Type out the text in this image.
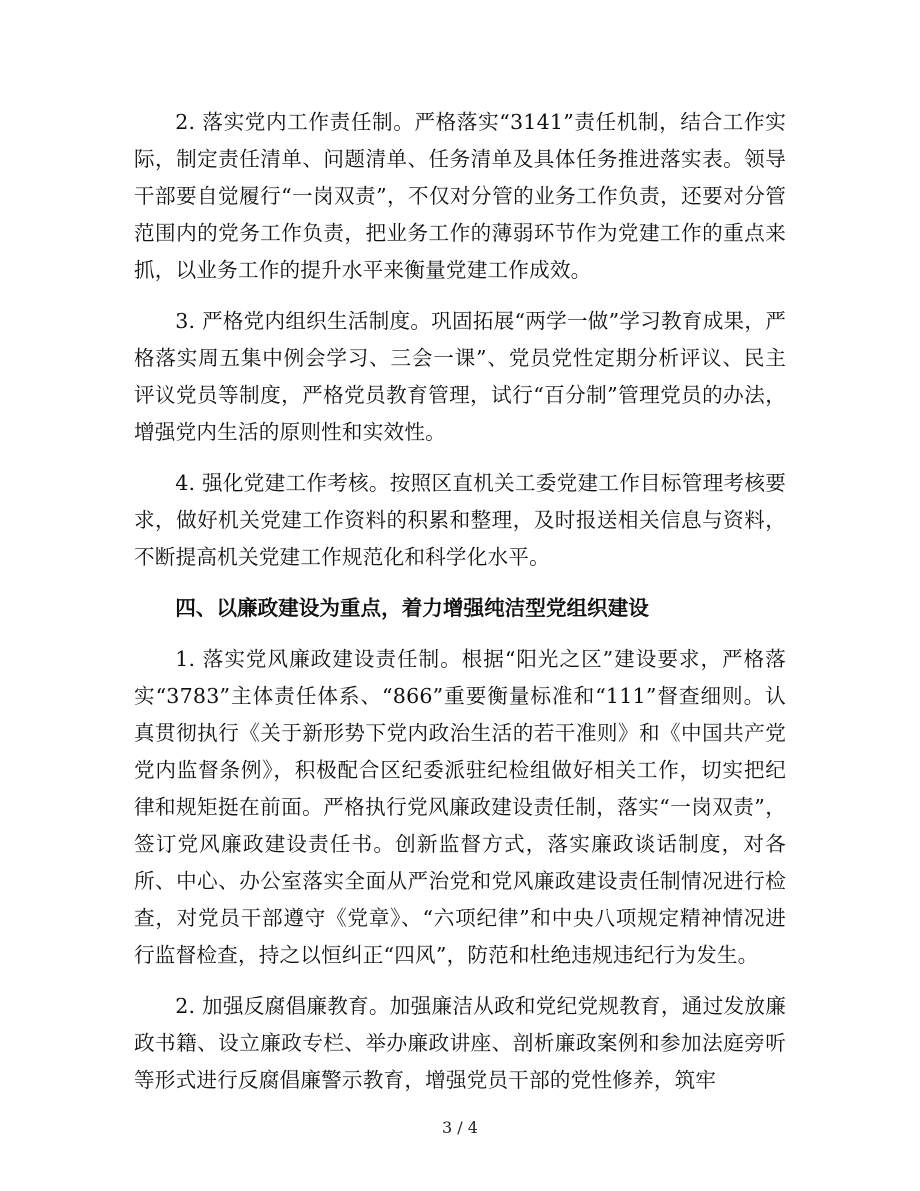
2. 落实党内工作责任制。严格落实“3141”责任机制，结合工作实际，制定责任清单、问题清单、任务清单及具体任务推进落实表。领导干部要自觉履行“一岗双责”，不仅对分管的业务工作负责，还要对分管范围内的党务工作负责，把业务工作的薄弱环节作为党建工作的重点来抓，以业务工作的提升水平来衡量党建工作成效。

3. 严格党内组织生活制度。巩固拓展“两学一做”学习教育成果，严格落实周五集中例会学习、三会一课”、党员党性定期分析评议、民主评议党员等制度，严格党员教育管理，试行“百分制”管理党员的办法，增强党内生活的原则性和实效性。

4. 强化党建工作考核。按照区直机关工委党建工作目标管理考核要求，做好机关党建工作资料的积累和整理，及时报送相关信息与资料，不断提高机关党建工作规范化和科学化水平。

四、以廉政建设为重点，着力增强纯洁型党组织建设

1. 落实党风廉政建设责任制。根据“阳光之区”建设要求，严格落实“3783”主体责任体系、“866”重要衡量标准和“111”督查细则。认真贯彻执行《关于新形势下党内政治生活的若干准则》和《中国共产党党内监督条例》，积极配合区纪委派驻纪检组做好相关工作，切实把纪律和规矩挺在前面。严格执行党风廉政建设责任制，落实“一岗双责”，签订党风廉政建设责任书。创新监督方式，落实廉政谈话制度，对各所、中心、办公室落实全面从严治党和党风廉政建设责任制情况进行检查，对党员干部遵守《党章》、“六项纪律”和中央八项规定精神情况进行监督检查，持之以恒纠正“四风”，防范和杜绝违规违纪行为发生。

2. 加强反腐倡廉教育。加强廉洁从政和党纪党规教育，通过发放廉政书籍、设立廉政专栏、举办廉政讲座、剖析廉政案例和参加法庭旁听等形式进行反腐倡廉警示教育，增强党员干部的党性修养，筑牢

3 / 4
